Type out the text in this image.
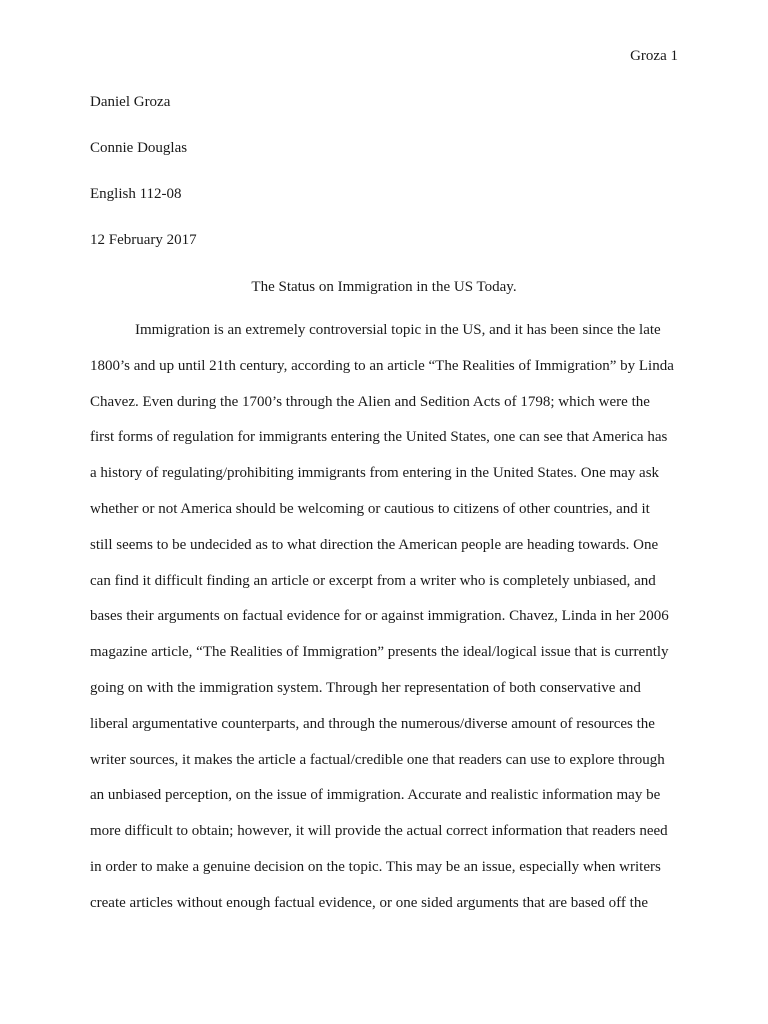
Groza 1
Daniel Groza
Connie Douglas
English 112-08
12 February 2017
The Status on Immigration in the US Today.
Immigration is an extremely controversial topic in the US, and it has been since the late
1800’s and up until 21th century, according to an article “The Realities of Immigration” by Linda
Chavez. Even during the 1700’s through the Alien and Sedition Acts of 1798; which were the
first forms of regulation for immigrants entering the United States, one can see that America has
a history of regulating/prohibiting immigrants from entering in the United States. One may ask
whether or not America should be welcoming or cautious to citizens of other countries, and it
still seems to be undecided as to what direction the American people are heading towards. One
can find it difficult finding an article or excerpt from a writer who is completely unbiased, and
bases their arguments on factual evidence for or against immigration. Chavez, Linda in her 2006
magazine article, “The Realities of Immigration” presents the ideal/logical issue that is currently
going on with the immigration system. Through her representation of both conservative and
liberal argumentative counterparts, and through the numerous/diverse amount of resources the
writer sources, it makes the article a factual/credible one that readers can use to explore through
an unbiased perception, on the issue of immigration. Accurate and realistic information may be
more difficult to obtain; however, it will provide the actual correct information that readers need
in order to make a genuine decision on the topic. This may be an issue, especially when writers
create articles without enough factual evidence, or one sided arguments that are based off the
